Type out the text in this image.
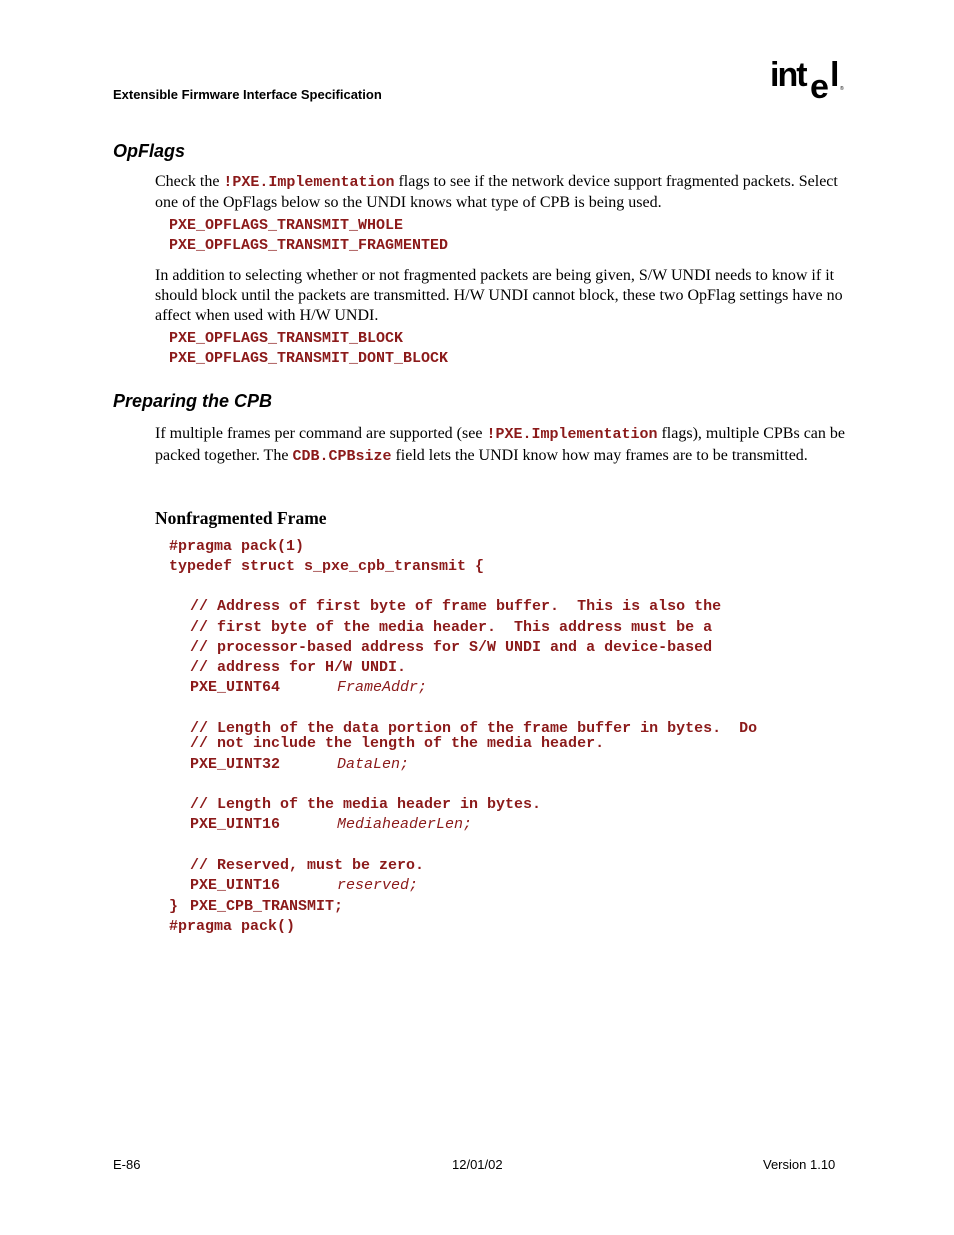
Extensible Firmware Interface Specification
int e l ®
OpFlags
Check the !PXE.Implementation flags to see if the network device support fragmented packets. Select one of the OpFlags below so the UNDI knows what type of CPB is being used.
PXE_OPFLAGS_TRANSMIT_WHOLE
PXE_OPFLAGS_TRANSMIT_FRAGMENTED
In addition to selecting whether or not fragmented packets are being given, S/W UNDI needs to know if it should block until the packets are transmitted. H/W UNDI cannot block, these two OpFlag settings have no affect when used with H/W UNDI.
PXE_OPFLAGS_TRANSMIT_BLOCK
PXE_OPFLAGS_TRANSMIT_DONT_BLOCK
Preparing the CPB
If multiple frames per command are supported (see !PXE.Implementation flags), multiple CPBs can be packed together. The CDB.CPBsize field lets the UNDI know how may frames are to be transmitted.
Nonfragmented Frame
#pragma pack(1)
typedef struct s_pxe_cpb_transmit {
// Address of first byte of frame buffer.  This is also the
// first byte of the media header.  This address must be a
// processor-based address for S/W UNDI and a device-based
// address for H/W UNDI.
PXE_UINT64	FrameAddr;
// Length of the data portion of the frame buffer in bytes.  Do
// not include the length of the media header.
PXE_UINT32	DataLen;
// Length of the media header in bytes.
PXE_UINT16	MediaheaderLen;
// Reserved, must be zero.
PXE_UINT16	reserved;
} PXE_CPB_TRANSMIT;
#pragma pack()
E-86	12/01/02	Version 1.10
